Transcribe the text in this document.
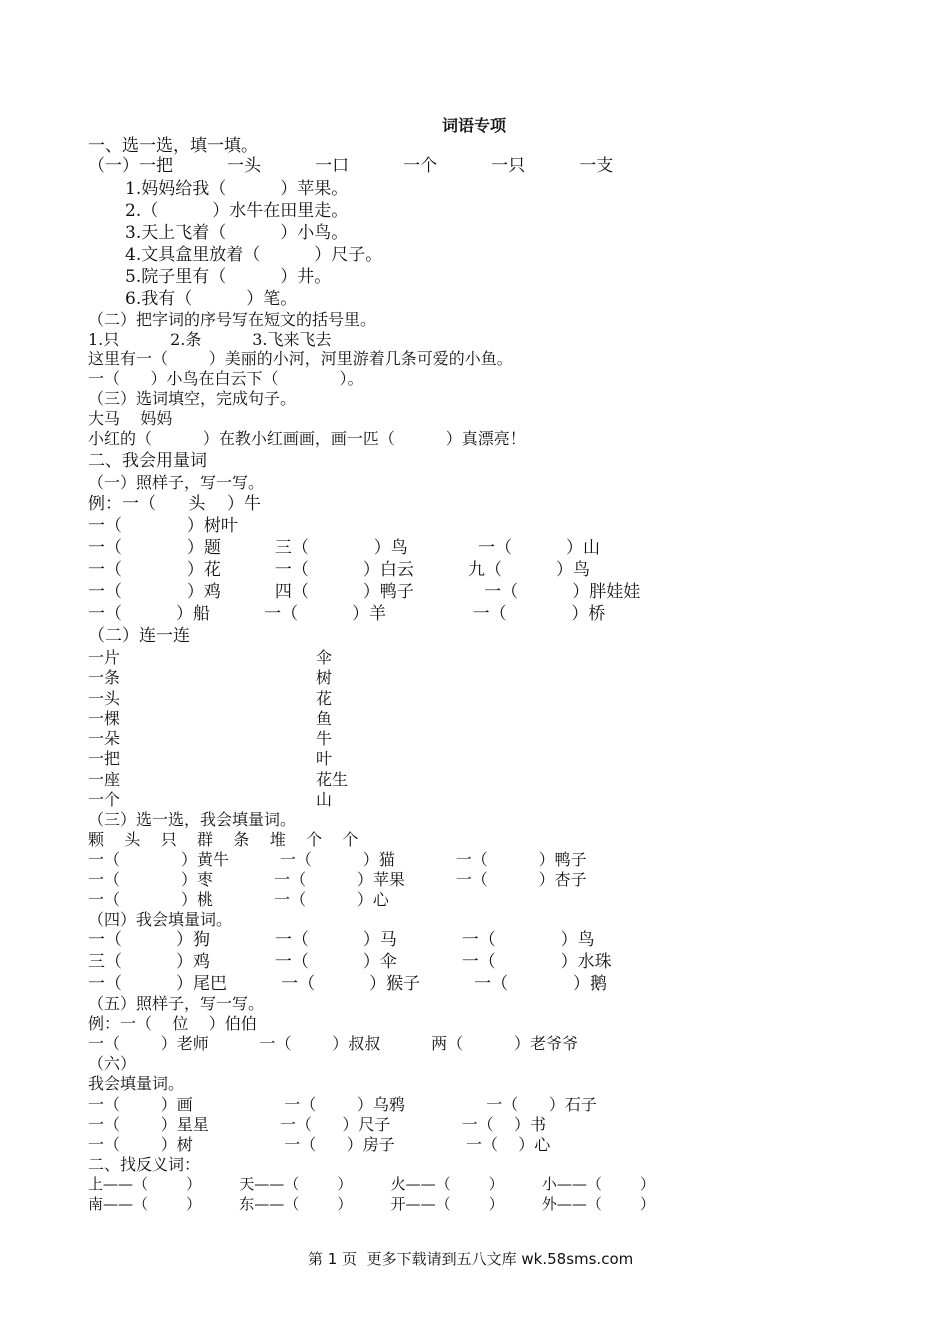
词语专项
一、选一选，填一填。
（一）一把          一头          一口          一个          一只          一支
1.妈妈给我（          ）苹果。
2.（          ）水牛在田里走。
3.天上飞着（          ）小鸟。
4.文具盒里放着（          ）尺子。
5.院子里有（          ）井。
6.我有（          ）笔。
（二）把字词的序号写在短文的括号里。
1.只          2.条          3.飞来飞去
这里有一（        ）美丽的小河，河里游着几条可爱的小鱼。
一（      ）小鸟在白云下（            ）。
（三）选词填空，完成句子。
大马    妈妈
小红的（          ）在教小红画画，画一匹（          ）真漂亮！
二、我会用量词
（一）照样子，写一写。
例：一（      头    ）牛
一（            ）树叶
一（            ）题          三（            ）鸟             一（          ）山
一（            ）花          一（          ）白云          九（          ）鸟
一（            ）鸡          四（          ）鸭子             一（          ）胖娃娃
一（          ）船          一（          ）羊                一（            ）桥
（二）连一连
一片
一条
一头
一棵
一朵
一把
一座
一个
伞
树
花
鱼
牛
叶
花生
山
（三）选一选，我会填量词。
颗    头    只    群    条    堆    个    个
一（            ）黄牛          一（          ）猫            一（          ）鸭子
一（            ）枣            一（          ）苹果          一（          ）杏子
一（            ）桃            一（          ）心
（四）我会填量词。
一（          ）狗            一（          ）马            一（            ）鸟
三（          ）鸡            一（          ）伞            一（            ）水珠
一（          ）尾巴          一（          ）猴子          一（            ）鹅
（五）照样子，写一写。
例：一（    位    ）伯伯
一（        ）老师          一（        ）叔叔          两（          ）老爷爷
（六）
我会填量词。
一（        ）画                  一（        ）乌鸦                一（      ）石子
一（        ）星星              一（      ）尺子              一（    ）书
一（        ）树                  一（      ）房子              一（    ）心
二、找反义词：
上——（        ）        天——（        ）        火——（        ）        小——（        ）
南——（        ）        东——（        ）        开——（        ）        外——（        ）
第 1 页  更多下载请到五八文库 wk.58sms.com
